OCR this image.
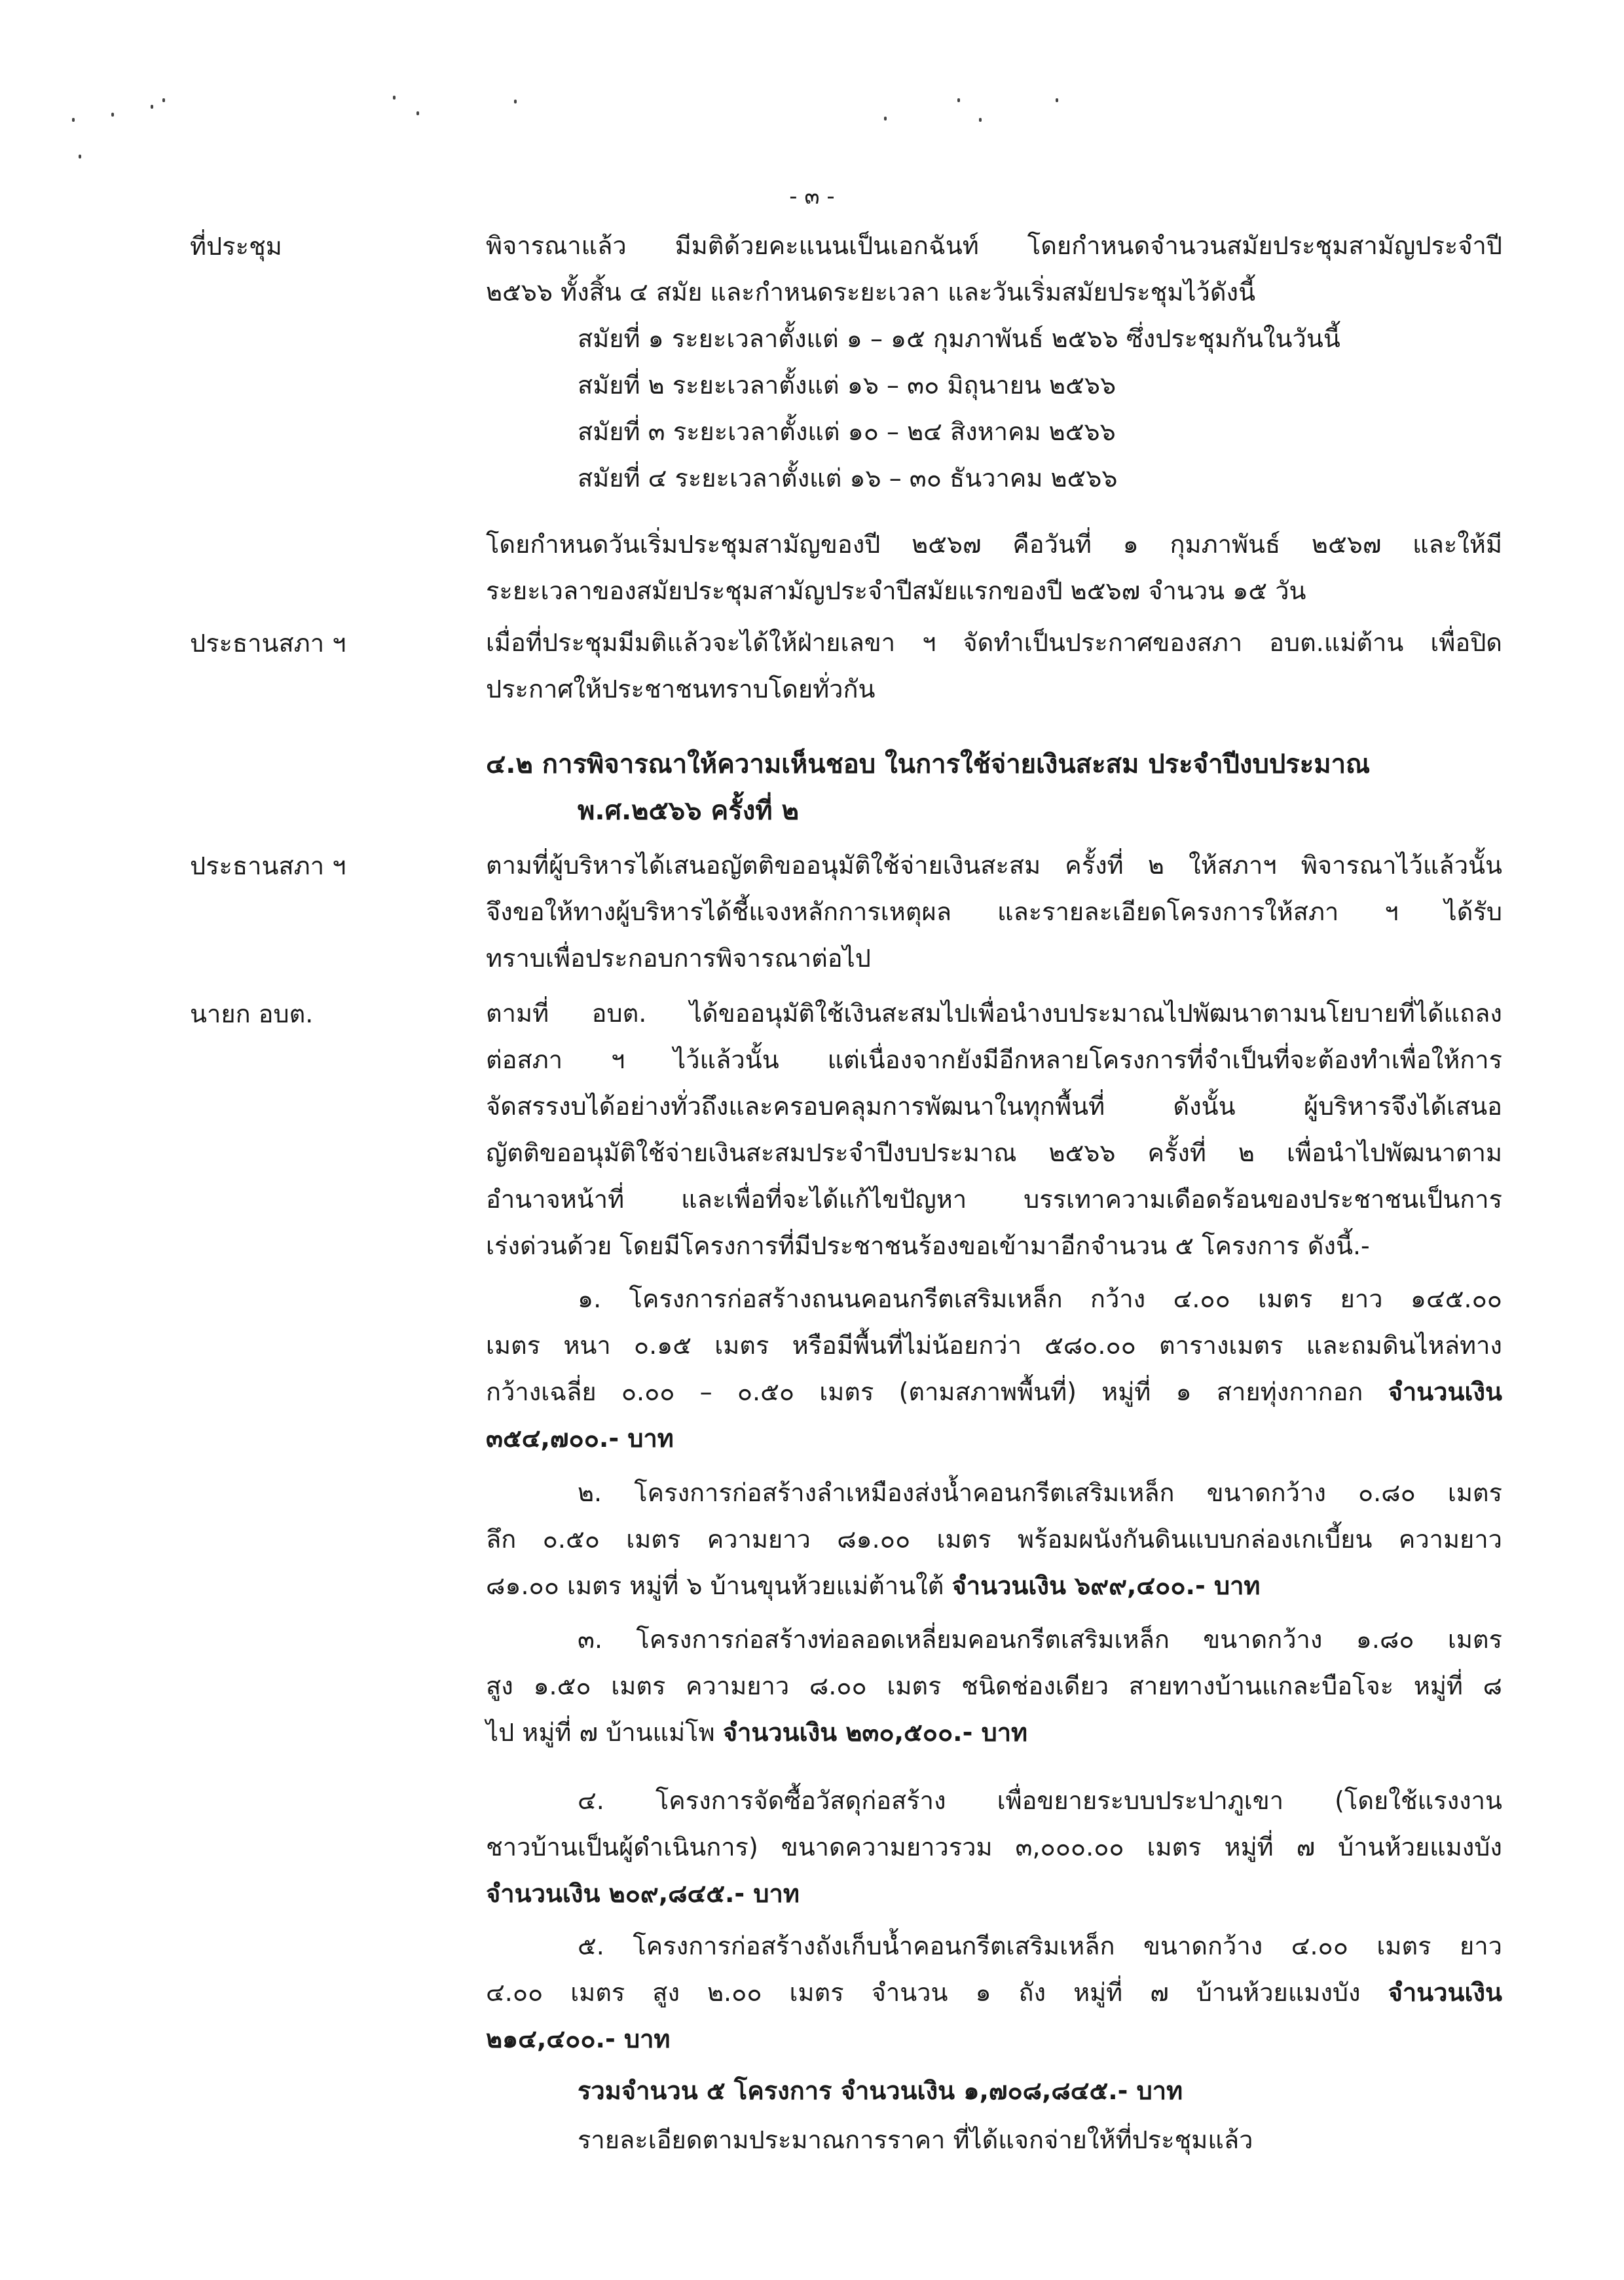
- ๓ -
ที่ประชุม
ประธานสภา ฯ
ประธานสภา ฯ
นายก อบต.
พิจารณาแล้ว มีมติด้วยคะแนนเป็นเอกฉันท์ โดยกำหนดจำนวนสมัยประชุมสามัญประจำปี
๒๕๖๖ ทั้งสิ้น ๔ สมัย และกำหนดระยะเวลา และวันเริ่มสมัยประชุมไว้ดังนี้
สมัยที่ ๑ ระยะเวลาตั้งแต่ ๑ – ๑๕ กุมภาพันธ์ ๒๕๖๖ ซึ่งประชุมกันในวันนี้
สมัยที่ ๒ ระยะเวลาตั้งแต่ ๑๖ – ๓๐ มิถุนายน ๒๕๖๖
สมัยที่ ๓ ระยะเวลาตั้งแต่ ๑๐ – ๒๔ สิงหาคม ๒๕๖๖
สมัยที่ ๔ ระยะเวลาตั้งแต่ ๑๖ – ๓๐ ธันวาคม ๒๕๖๖
โดยกำหนดวันเริ่มประชุมสามัญของปี ๒๕๖๗ คือวันที่ ๑ กุมภาพันธ์ ๒๕๖๗ และให้มี
ระยะเวลาของสมัยประชุมสามัญประจำปีสมัยแรกของปี ๒๕๖๗ จำนวน ๑๕ วัน
เมื่อที่ประชุมมีมติแล้วจะได้ให้ฝ่ายเลขา ฯ จัดทำเป็นประกาศของสภา อบต.แม่ต้าน เพื่อปิด
ประกาศให้ประชาชนทราบโดยทั่วกัน
๔.๒ การพิจารณาให้ความเห็นชอบ ในการใช้จ่ายเงินสะสม ประจำปีงบประมาณ
พ.ศ.๒๕๖๖ ครั้งที่ ๒
ตามที่ผู้บริหารได้เสนอญัตติขออนุมัติใช้จ่ายเงินสะสม ครั้งที่ ๒ ให้สภาฯ พิจารณาไว้แล้วนั้น
จึงขอให้ทางผู้บริหารได้ชี้แจงหลักการเหตุผล และรายละเอียดโครงการให้สภา ฯ ได้รับ
ทราบเพื่อประกอบการพิจารณาต่อไป
ตามที่ อบต. ได้ขออนุมัติใช้เงินสะสมไปเพื่อนำงบประมาณไปพัฒนาตามนโยบายที่ได้แถลง
ต่อสภา ฯ ไว้แล้วนั้น แต่เนื่องจากยังมีอีกหลายโครงการที่จำเป็นที่จะต้องทำเพื่อให้การ
จัดสรรงบได้อย่างทั่วถึงและครอบคลุมการพัฒนาในทุกพื้นที่ ดังนั้น ผู้บริหารจึงได้เสนอ
ญัตติขออนุมัติใช้จ่ายเงินสะสมประจำปีงบประมาณ ๒๕๖๖ ครั้งที่ ๒ เพื่อนำไปพัฒนาตาม
อำนาจหน้าที่ และเพื่อที่จะได้แก้ไขปัญหา บรรเทาความเดือดร้อนของประชาชนเป็นการ
เร่งด่วนด้วย โดยมีโครงการที่มีประชาชนร้องขอเข้ามาอีกจำนวน ๕ โครงการ ดังนี้.-
๑. โครงการก่อสร้างถนนคอนกรีตเสริมเหล็ก กว้าง ๔.๐๐ เมตร ยาว ๑๔๕.๐๐
เมตร หนา ๐.๑๕ เมตร หรือมีพื้นที่ไม่น้อยกว่า ๕๘๐.๐๐ ตารางเมตร และถมดินไหล่ทาง
กว้างเฉลี่ย ๐.๐๐ – ๐.๕๐ เมตร (ตามสภาพพื้นที่) หมู่ที่ ๑ สายทุ่งกากอก จำนวนเงิน
๓๕๔,๗๐๐.- บาท
๒. โครงการก่อสร้างลำเหมืองส่งน้ำคอนกรีตเสริมเหล็ก ขนาดกว้าง ๐.๘๐ เมตร
ลึก ๐.๕๐ เมตร ความยาว ๘๑.๐๐ เมตร พร้อมผนังกันดินแบบกล่องเกเบี้ยน ความยาว
๘๑.๐๐ เมตร หมู่ที่ ๖ บ้านขุนห้วยแม่ต้านใต้ จำนวนเงิน ๖๙๙,๔๐๐.- บาท
๓. โครงการก่อสร้างท่อลอดเหลี่ยมคอนกรีตเสริมเหล็ก ขนาดกว้าง ๑.๘๐ เมตร
สูง ๑.๕๐ เมตร ความยาว ๘.๐๐ เมตร ชนิดช่องเดียว สายทางบ้านแกละบือโจะ หมู่ที่ ๘
ไป หมู่ที่ ๗ บ้านแม่โพ จำนวนเงิน ๒๓๐,๕๐๐.- บาท
๔. โครงการจัดซื้อวัสดุก่อสร้าง เพื่อขยายระบบประปาภูเขา (โดยใช้แรงงาน
ชาวบ้านเป็นผู้ดำเนินการ) ขนาดความยาวรวม ๓,๐๐๐.๐๐ เมตร หมู่ที่ ๗ บ้านห้วยแมงบัง
จำนวนเงิน ๒๐๙,๘๔๕.- บาท
๕. โครงการก่อสร้างถังเก็บน้ำคอนกรีตเสริมเหล็ก ขนาดกว้าง ๔.๐๐ เมตร ยาว
๔.๐๐ เมตร สูง ๒.๐๐ เมตร จำนวน ๑ ถัง หมู่ที่ ๗ บ้านห้วยแมงบัง จำนวนเงิน
๒๑๔,๔๐๐.- บาท
รวมจำนวน ๕ โครงการ จำนวนเงิน ๑,๗๐๘,๘๔๕.- บาท
รายละเอียดตามประมาณการราคา ที่ได้แจกจ่ายให้ที่ประชุมแล้ว
